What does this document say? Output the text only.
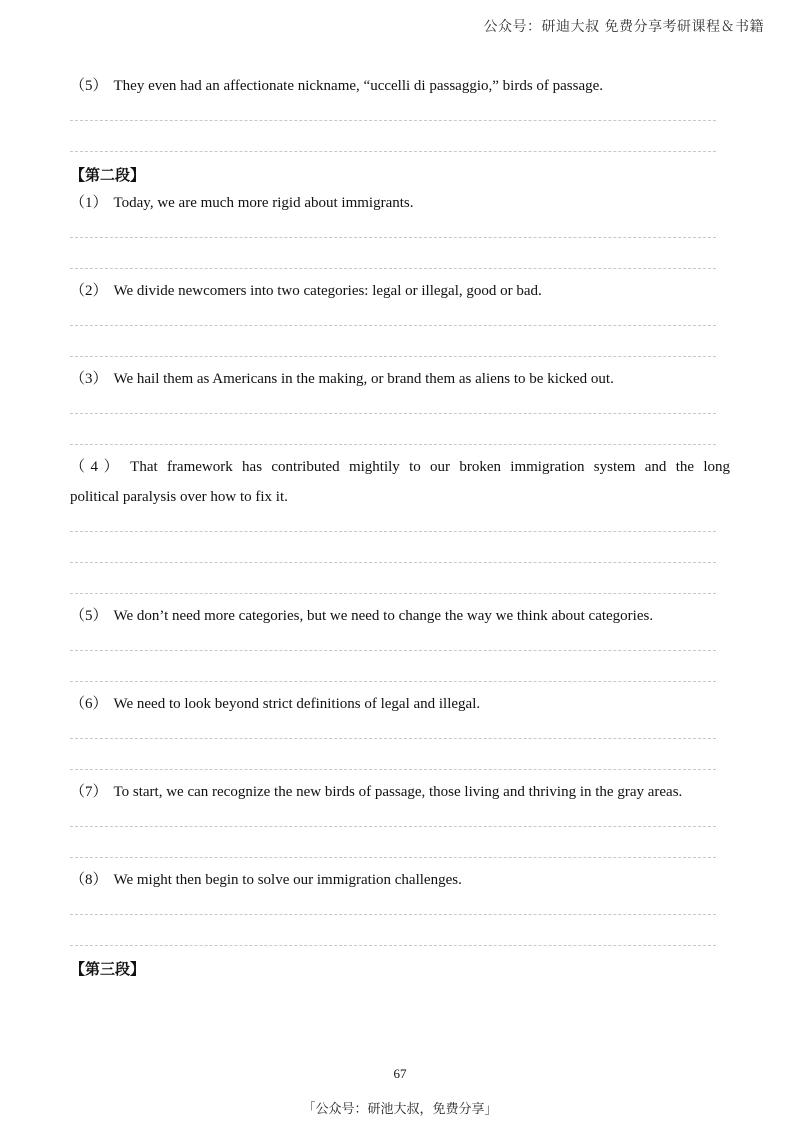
公众号：研迪大叔 免费分享考研课程＆书籍

（5） They even had an affectionate nickname, “uccelli di passaggio,” birds of passage.

【第二段】

（1） Today, we are much more rigid about immigrants.

（2） We divide newcomers into two categories: legal or illegal, good or bad.

（3） We hail them as Americans in the making, or brand them as aliens to be kicked out.

（4） That framework has contributed mightily to our broken immigration system and the long

political paralysis over how to fix it.

（5） We don’t need more categories, but we need to change the way we think about categories.

（6） We need to look beyond strict definitions of legal and illegal.

（7） To start, we can recognize the new birds of passage, those living and thriving in the gray areas.

（8） We might then begin to solve our immigration challenges.

【第三段】

67
「公众号：研池大叔，免费分享」
